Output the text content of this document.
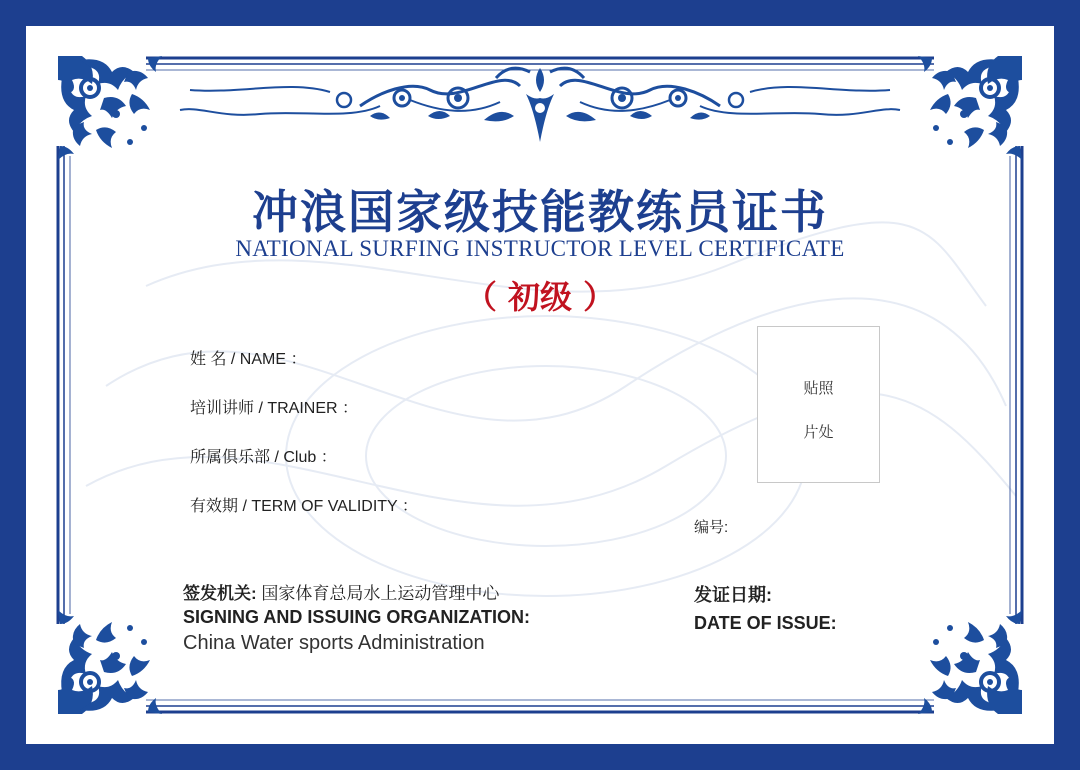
冲浪国家级技能教练员证书
NATIONAL SURFING INSTRUCTOR LEVEL CERTIFICATE
（ 初级 ）
姓 名 / NAME ：
培训讲师 / TRAINER ：
所属俱乐部 / Club ：
有效期 / TERM OF VALIDITY ：
贴照
片处
编号:
签发机关: 国家体育总局水上运动管理中心
SIGNING AND ISSUING ORGANIZATION:
China Water sports Administration
发证日期:
DATE OF ISSUE:
